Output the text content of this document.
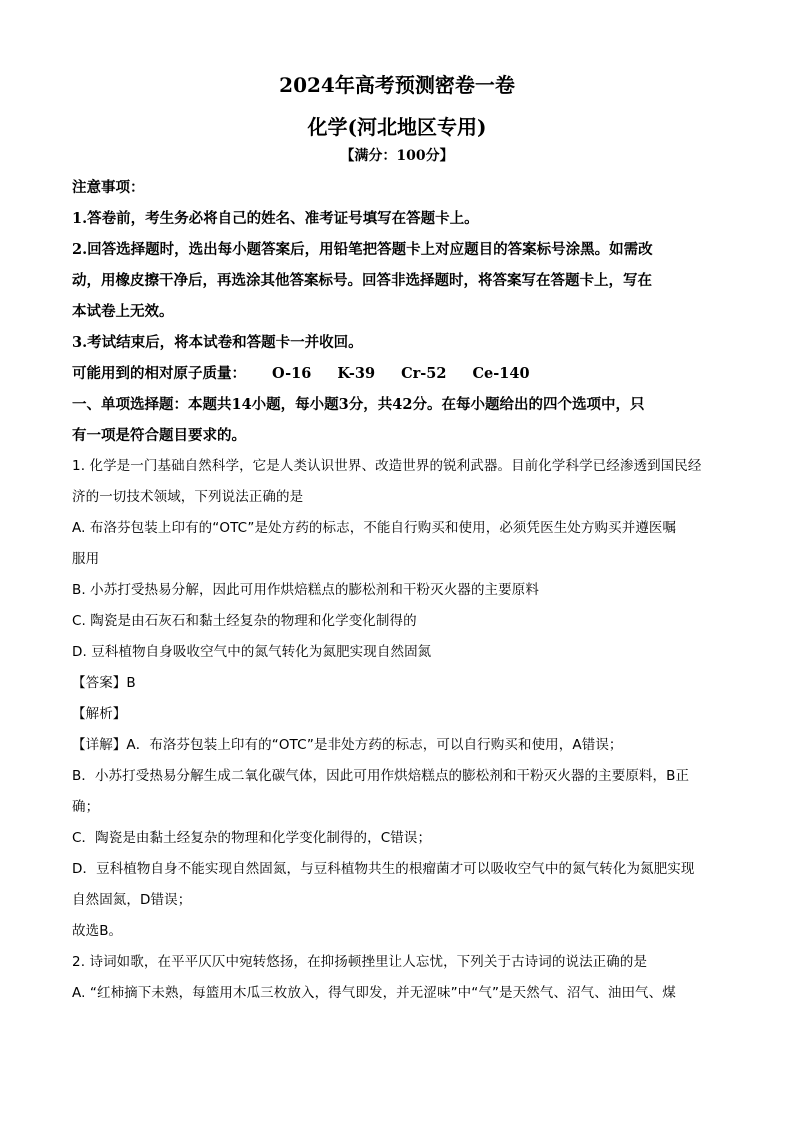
2024年高考预测密卷一卷
化学(河北地区专用)
【满分：100分】
注意事项：
1.答卷前，考生务必将自己的姓名、准考证号填写在答题卡上。
2.回答选择题时，选出每小题答案后，用铅笔把答题卡上对应题目的答案标号涂黑。如需改
动，用橡皮擦干净后，再选涂其他答案标号。回答非选择题时，将答案写在答题卡上，写在
本试卷上无效。
3.考试结束后，将本试卷和答题卡一并收回。
可能用到的相对原子质量： O-16 K-39 Cr-52 Ce-140
一、单项选择题：本题共14小题，每小题3分，共42分。在每小题给出的四个选项中，只
有一项是符合题目要求的。
1. 化学是一门基础自然科学，它是人类认识世界、改造世界的锐利武器。目前化学科学已经渗透到国民经
济的一切技术领域，下列说法正确的是
A. 布洛芬包装上印有的“OTC”是处方药的标志，不能自行购买和使用，必须凭医生处方购买并遵医嘱
服用
B. 小苏打受热易分解，因此可用作烘焙糕点的膨松剂和干粉灭火器的主要原料
C. 陶瓷是由石灰石和黏土经复杂的物理和化学变化制得的
D. 豆科植物自身吸收空气中的氮气转化为氮肥实现自然固氮
【答案】B
【解析】
【详解】A．布洛芬包装上印有的“OTC”是非处方药的标志，可以自行购买和使用，A错误；
B．小苏打受热易分解生成二氧化碳气体，因此可用作烘焙糕点的膨松剂和干粉灭火器的主要原料，B正
确；
C．陶瓷是由黏土经复杂的物理和化学变化制得的，C错误；
D．豆科植物自身不能实现自然固氮，与豆科植物共生的根瘤菌才可以吸收空气中的氮气转化为氮肥实现
自然固氮，D错误；
故选B。
2. 诗词如歌，在平平仄仄中宛转悠扬，在抑扬顿挫里让人忘忧，下列关于古诗词的说法正确的是
A. “红柿摘下未熟，每篮用木瓜三枚放入，得气即发，并无涩味”中“气”是天然气、沼气、油田气、煤
